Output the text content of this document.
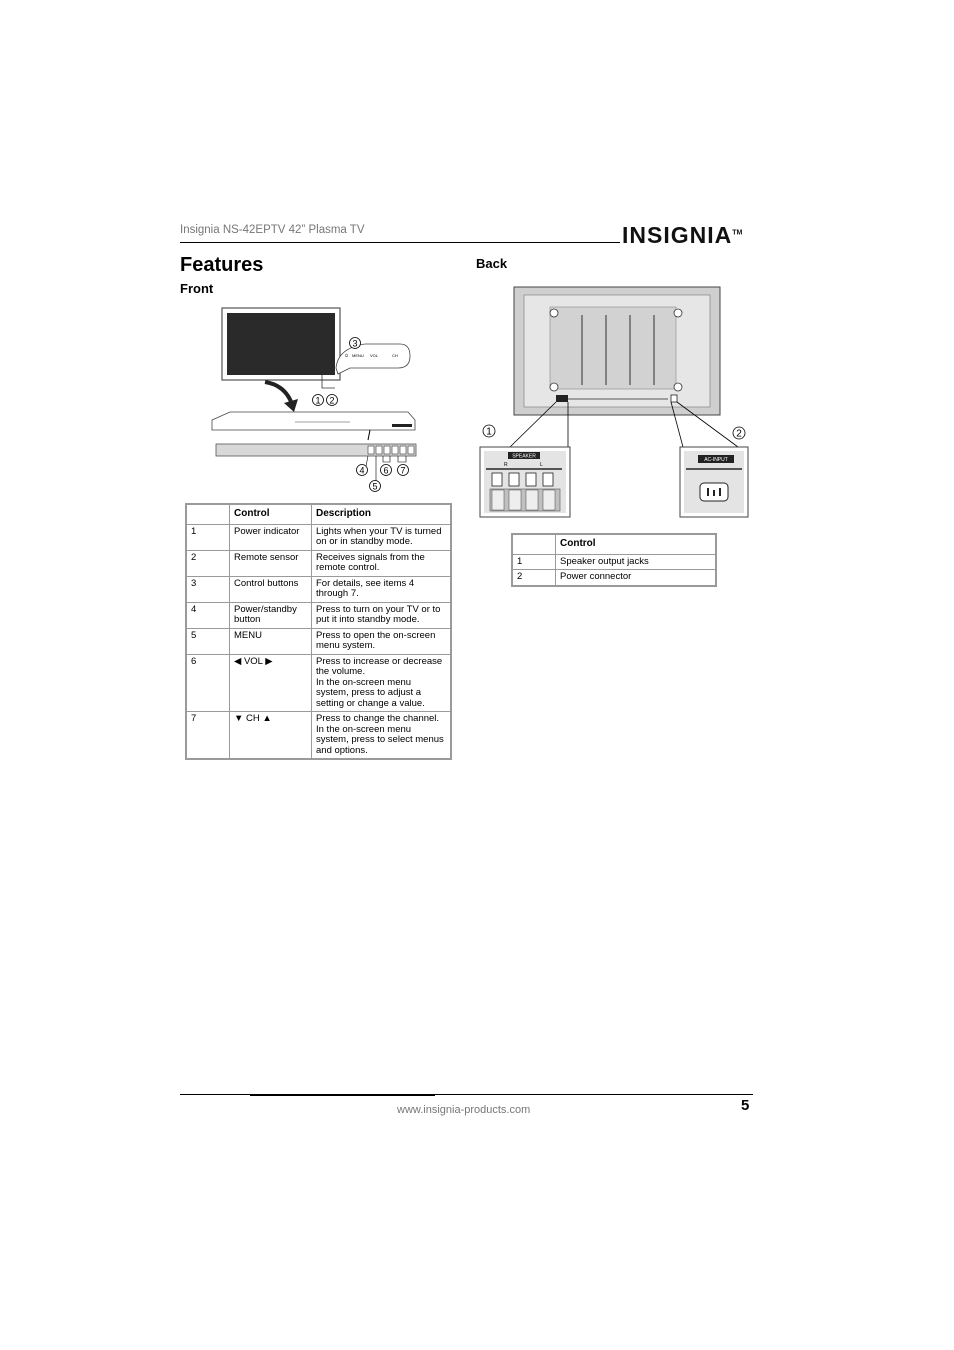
Insignia NS-42EPTV 42” Plasma TV	INSIGNIA™
Features
Front
Back
⏻ MENU VOL	CH
3
1 2
4
5
6 7
	Control	Description
1	Power indicator	Lights when your TV is turned on or in standby mode.
2	Remote sensor	Receives signals from the remote control.
3	Control buttons	For details, see items 4 through 7.
4	Power/standby button	Press to turn on your TV or to put it into standby mode.
5	MENU	Press to open the on-screen menu system.
6	◀ VOL ▶	Press to increase or decrease the volume.
In the on-screen menu system, press to adjust a setting or change a value.

7	▼ CH ▲	Press to change the channel.
In the on-screen menu system, press to select menus and options.
1	2
SPEAKER
R	L
AC-INPUT
	Control
1	Speaker output jacks
2	Power connector
www.insignia-products.com	5
